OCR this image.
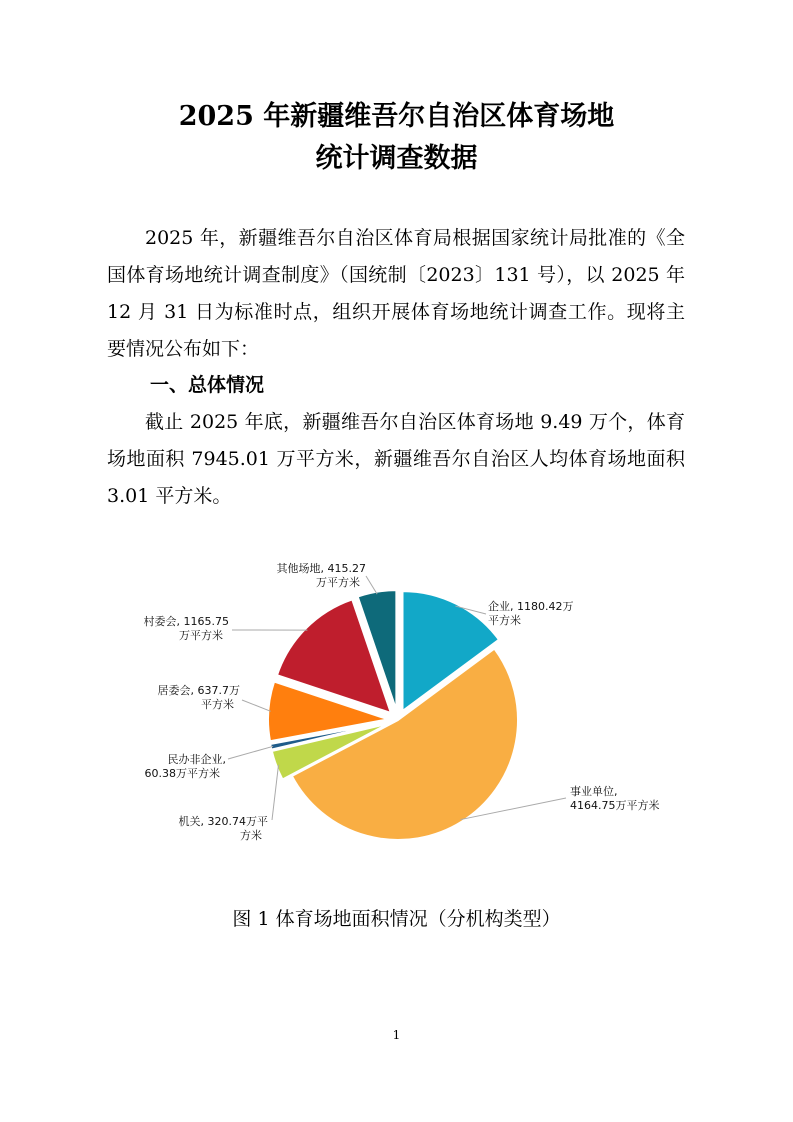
2025 年新疆维吾尔自治区体育场地
统计调查数据

2025 年，新疆维吾尔自治区体育局根据国家统计局批准的《全国体育场地统计调查制度》（国统制〔2023〕131 号），以 2025 年 12 月 31 日为标准时点，组织开展体育场地统计调查工作。现将主要情况公布如下：

一、总体情况

截止 2025 年底，新疆维吾尔自治区体育场地 9.49 万个，体育场地面积 7945.01 万平方米，新疆维吾尔自治区人均体育场地面积 3.01 平方米。

企业, 1180.42万平方米
事业单位, 4164.75万平方米
机关, 320.74万平方米
民办非企业, 60.38万平方米
居委会, 637.7万平方米
村委会, 1165.75 万平方米
其他场地, 415.27 万平方米
图 1 体育场地面积情况（分机构类型）
1
